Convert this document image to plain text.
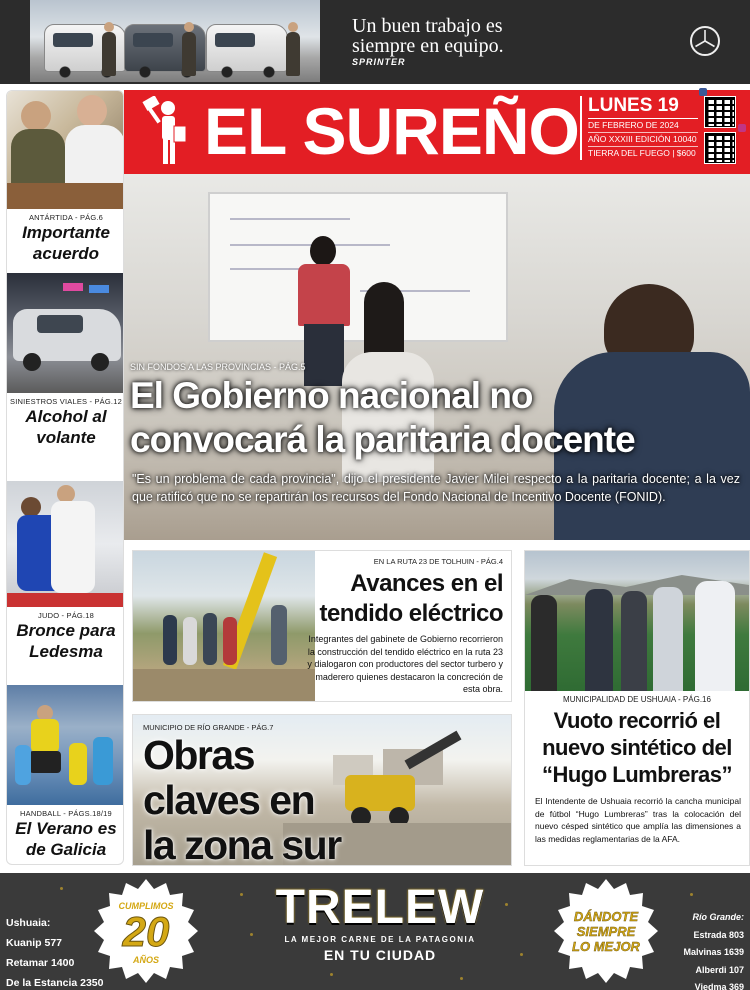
Un buen trabajo es
siempre en equipo.
SPRINTER
ANTÁRTIDA - PÁG.6
Importante
acuerdo
SINIESTROS VIALES - PÁG.12
Alcohol al
volante
JUDO - PÁG.18
Bronce para
Ledesma
HANDBALL - PÁGS.18/19
El Verano es
de Galicia
EL SUREÑO LUNES 19
DE FEBRERO DE 2024
AÑO XXXIII EDICIÓN 10040
TIERRA DEL FUEGO | $600
SIN FONDOS A LAS PROVINCIAS - PÁG.5
El Gobierno nacional no
convocará la paritaria docente
"Es un problema de cada provincia", dijo el presidente Javier Milei respecto a la paritaria docente; a la vez que ratificó que no se repartirán los recursos del Fondo Nacional de Incentivo Docente (FONID).
EN LA RUTA 23 DE TOLHUIN - PÁG.4
Avances en el
tendido eléctrico
Integrantes del gabinete de Gobierno recorrieron la construcción del tendido eléctrico en la ruta 23 y dialogaron con productores del sector turbero y maderero quienes destacaron la concreción de esta obra.
MUNICIPIO DE RÍO GRANDE - PÁG.7
Obras
claves en
la zona sur
MUNICIPALIDAD DE USHUAIA - PÁG.16
Vuoto recorrió el
nuevo sintético del
“Hugo Lumbreras”
El Intendente de Ushuaia recorrió la cancha municipal de fútbol “Hugo Lumbreras” tras la colocación del nuevo césped sintético que amplía las dimensiones a las medidas reglamentarias de la AFA.
Ushuaia:
Kuanip 577
Retamar 1400
De la Estancia 2350
CUMPLIMOS
20
AÑOS
TRELEW
LA MEJOR CARNE DE LA PATAGONIA
EN TU CIUDAD
DÁNDOTE
SIEMPRE
LO MEJOR
Río Grande:
Estrada 803
Malvinas 1639
Alberdi 107
Viedma 369
